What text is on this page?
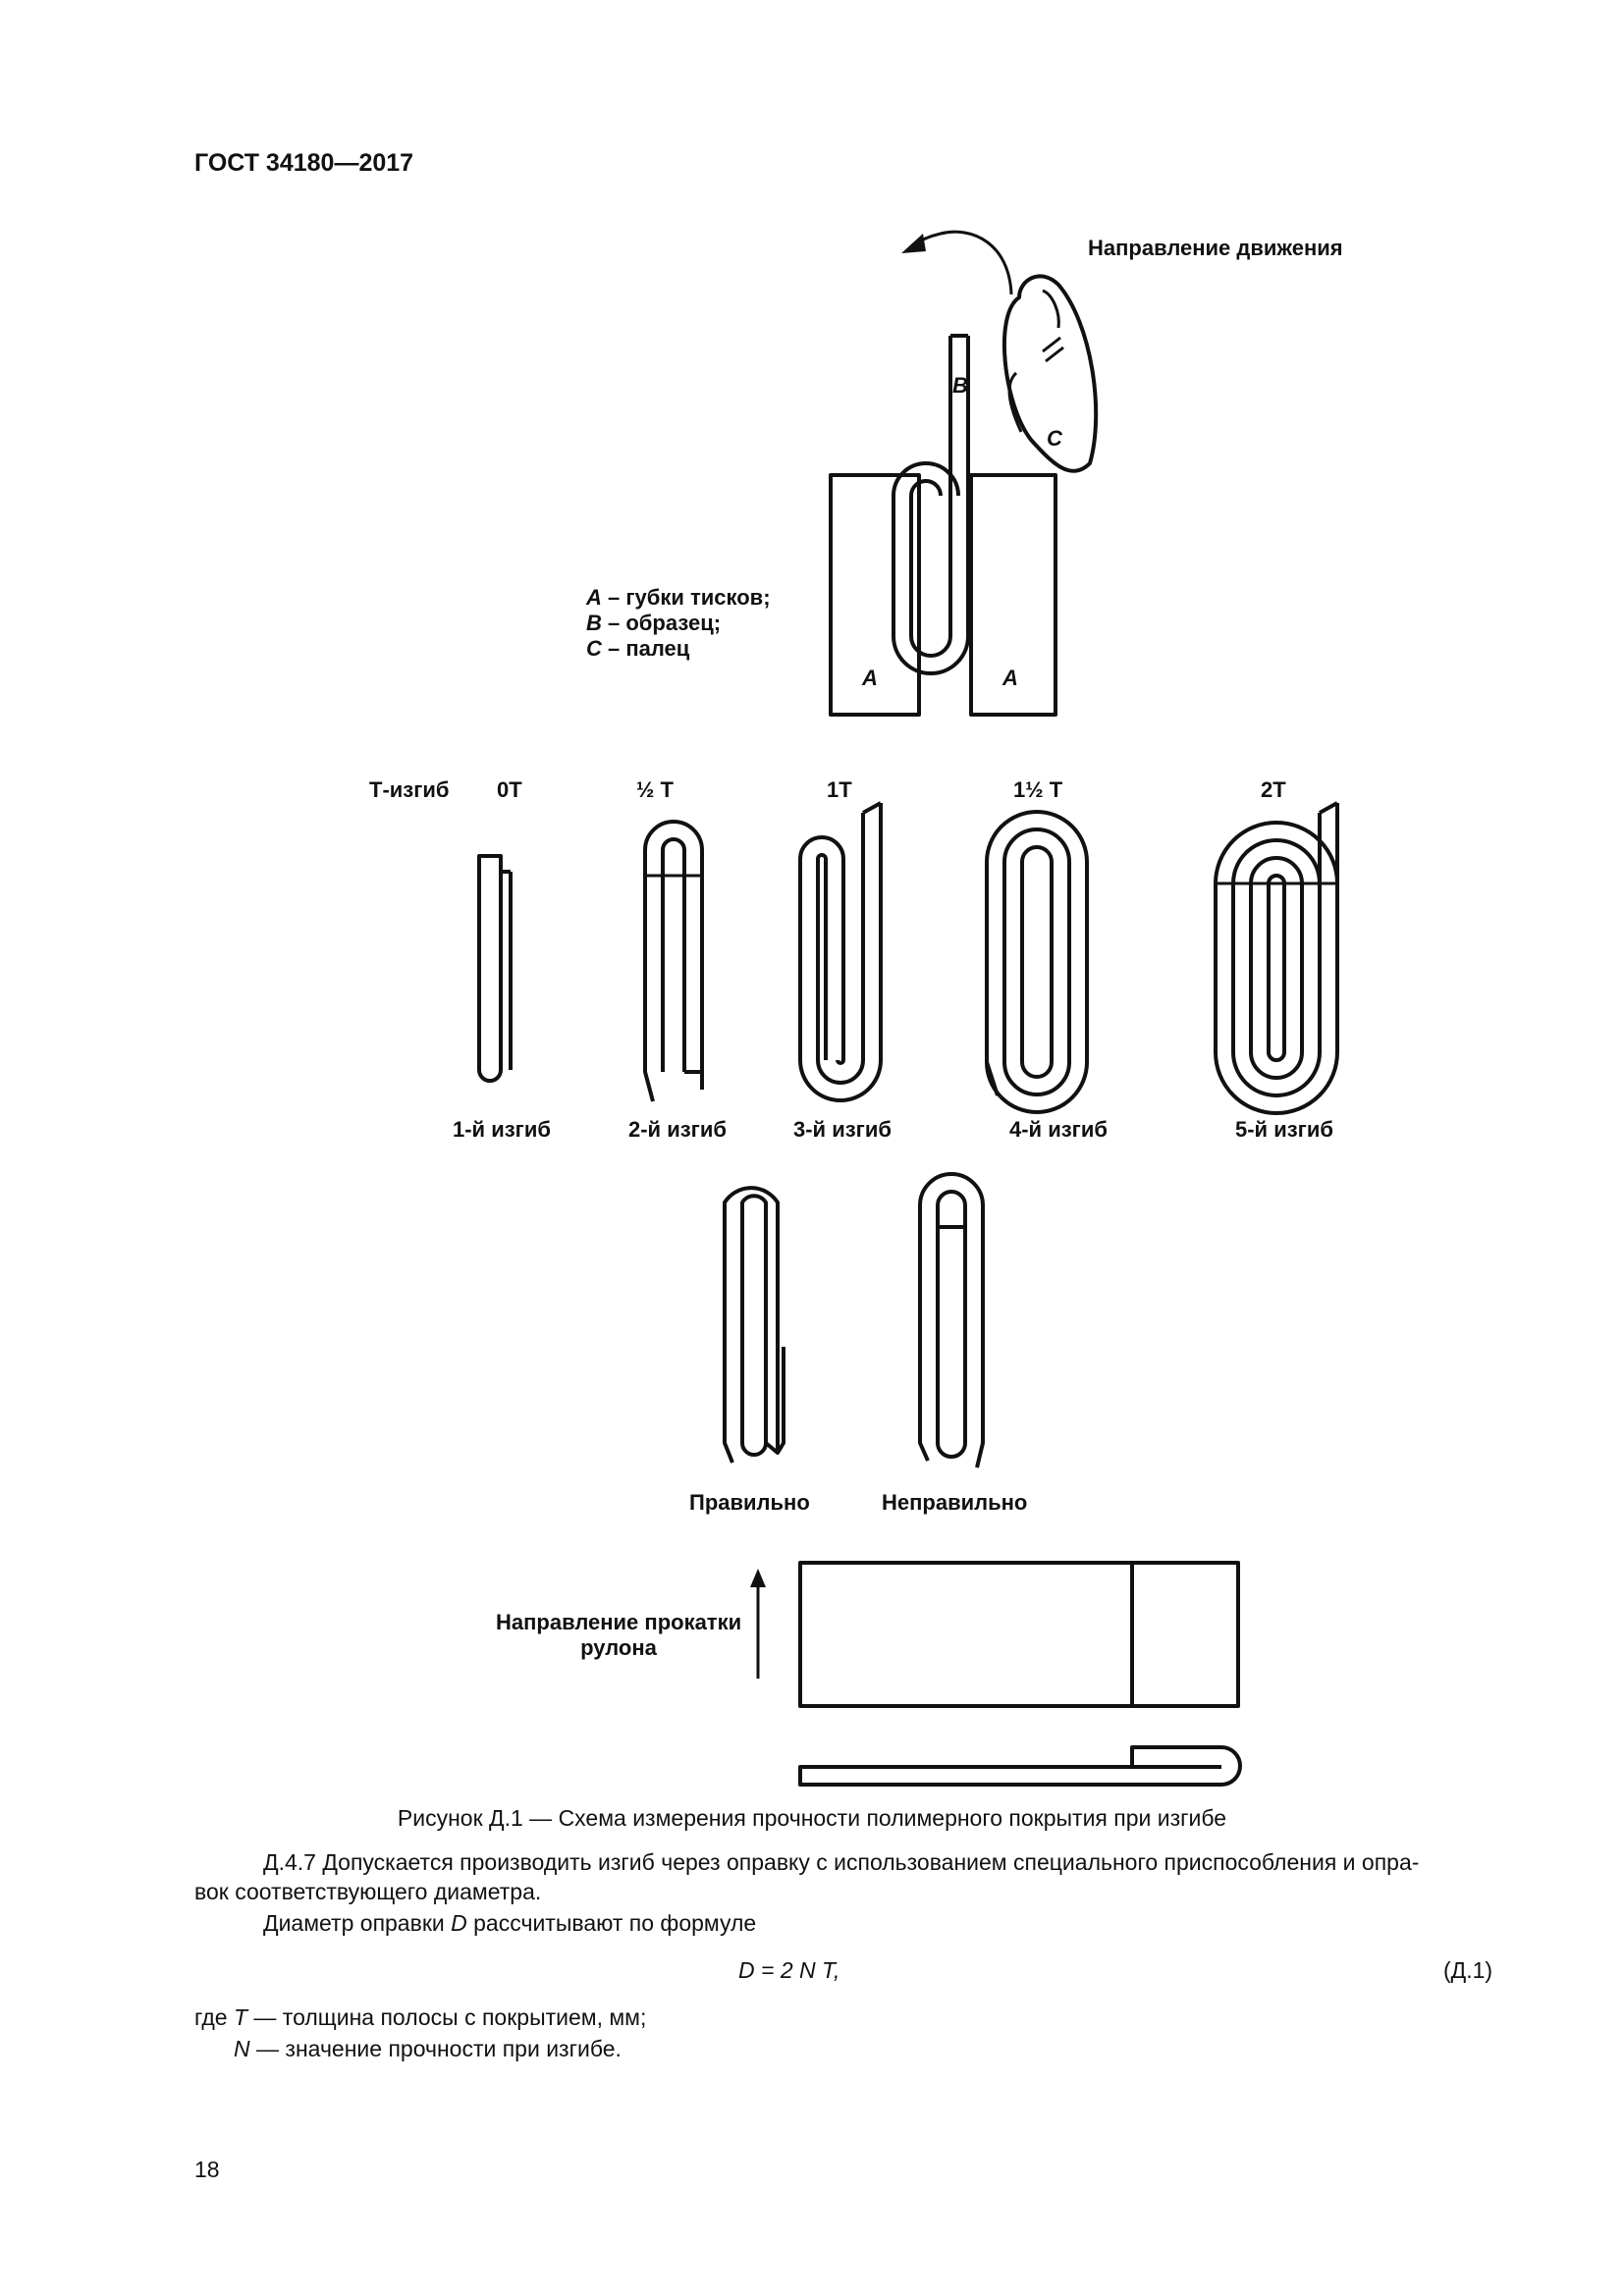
ГОСТ 34180—2017
Направление движения
B
C
A	A
A – губки тисков;
B – образец;
C – палец
Т-изгиб 0Т	½ Т	1Т	1½ Т	2Т
1-й изгиб	2-й изгиб	3-й изгиб	4-й изгиб	5-й изгиб
Правильно	Неправильно
Направление прокатки
рулона
Рисунок Д.1 — Схема измерения прочности полимерного покрытия при изгибе
Д.4.7 Допускается производить изгиб через оправку с использованием специального приспособления и опра-
вок соответствующего диаметра.
Диаметр оправки D рассчитывают по формуле
D = 2 N T,	(Д.1)
где T — толщина полосы с покрытием, мм;
N — значение прочности при изгибе.
18
